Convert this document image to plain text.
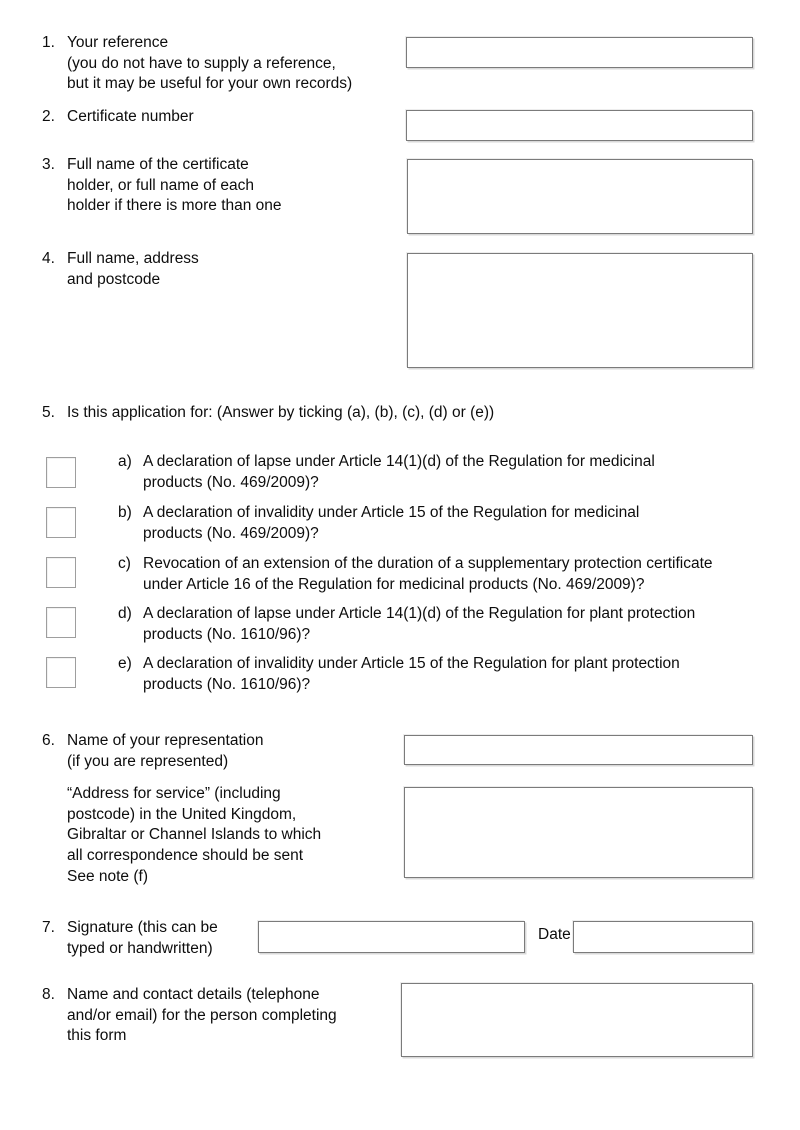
1. Your reference
(you do not have to supply a reference,
but it may be useful for your own records)
2. Certificate number
3. Full name of the certificate
holder, or full name of each
holder if there is more than one
4. Full name, address
and postcode
5. Is this application for: (Answer by ticking (a), (b), (c), (d) or (e))
a) A declaration of lapse under Article 14(1)(d) of the Regulation for medicinal
products (No. 469/2009)?
b) A declaration of invalidity under Article 15 of the Regulation for medicinal
products (No. 469/2009)?
c) Revocation of an extension of the duration of a supplementary protection certificate
under Article 16 of the Regulation for medicinal products (No. 469/2009)?
d) A declaration of lapse under Article 14(1)(d) of the Regulation for plant protection
products (No. 1610/96)?
e) A declaration of invalidity under Article 15 of the Regulation for plant protection
products (No. 1610/96)?
6. Name of your representation
(if you are represented)
“Address for service” (including
postcode) in the United Kingdom,
Gibraltar or Channel Islands to which
all correspondence should be sent
See note (f)
7. Signature (this can be
typed or handwritten)
Date
8. Name and contact details (telephone
and/or email) for the person completing
this form
